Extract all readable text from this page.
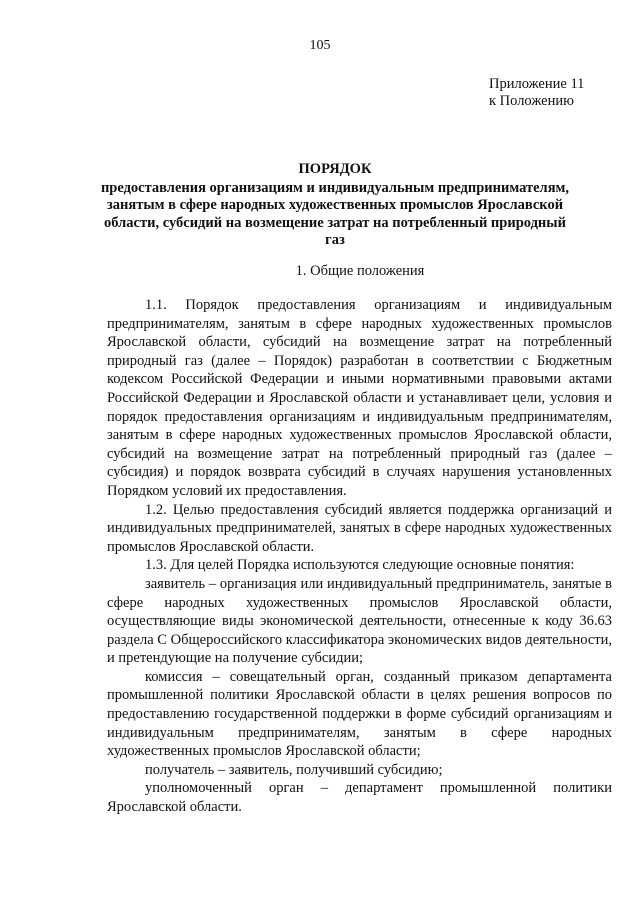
105
Приложение 11
к Положению
ПОРЯДОК
предоставления организациям и индивидуальным предпринимателям, занятым в сфере народных художественных промыслов Ярославской области, субсидий на возмещение затрат на потребленный природный газ
1. Общие положения

1.1. Порядок предоставления организациям и индивидуальным предпринимателям, занятым в сфере народных художественных промыслов Ярославской области, субсидий на возмещение затрат на потребленный природный газ (далее – Порядок) разработан в соответствии с Бюджетным кодексом Российской Федерации и иными нормативными правовыми актами Российской Федерации и Ярославской области и устанавливает цели, условия и порядок предоставления организациям и индивидуальным предпринимателям, занятым в сфере народных художественных промыслов Ярославской области, субсидий на возмещение затрат на потребленный природный газ (далее – субсидия) и порядок возврата субсидий в случаях нарушения установленных Порядком условий их предоставления.

1.2. Целью предоставления субсидий является поддержка организаций и индивидуальных предпринимателей, занятых в сфере народных художественных промыслов Ярославской области.

1.3. Для целей Порядка используются следующие основные понятия:

заявитель – организация или индивидуальный предприниматель, занятые в сфере народных художественных промыслов Ярославской области, осуществляющие виды экономической деятельности, отнесенные к коду 36.63 раздела С Общероссийского классификатора экономических видов деятельности, и претендующие на получение субсидии;

комиссия – совещательный орган, созданный приказом департамента промышленной политики Ярославской области в целях решения вопросов по предоставлению государственной поддержки в форме субсидий организациям и индивидуальным предпринимателям, занятым в сфере народных художественных промыслов Ярославской области;

получатель – заявитель, получивший субсидию;

уполномоченный орган – департамент промышленной политики Ярославской области.
